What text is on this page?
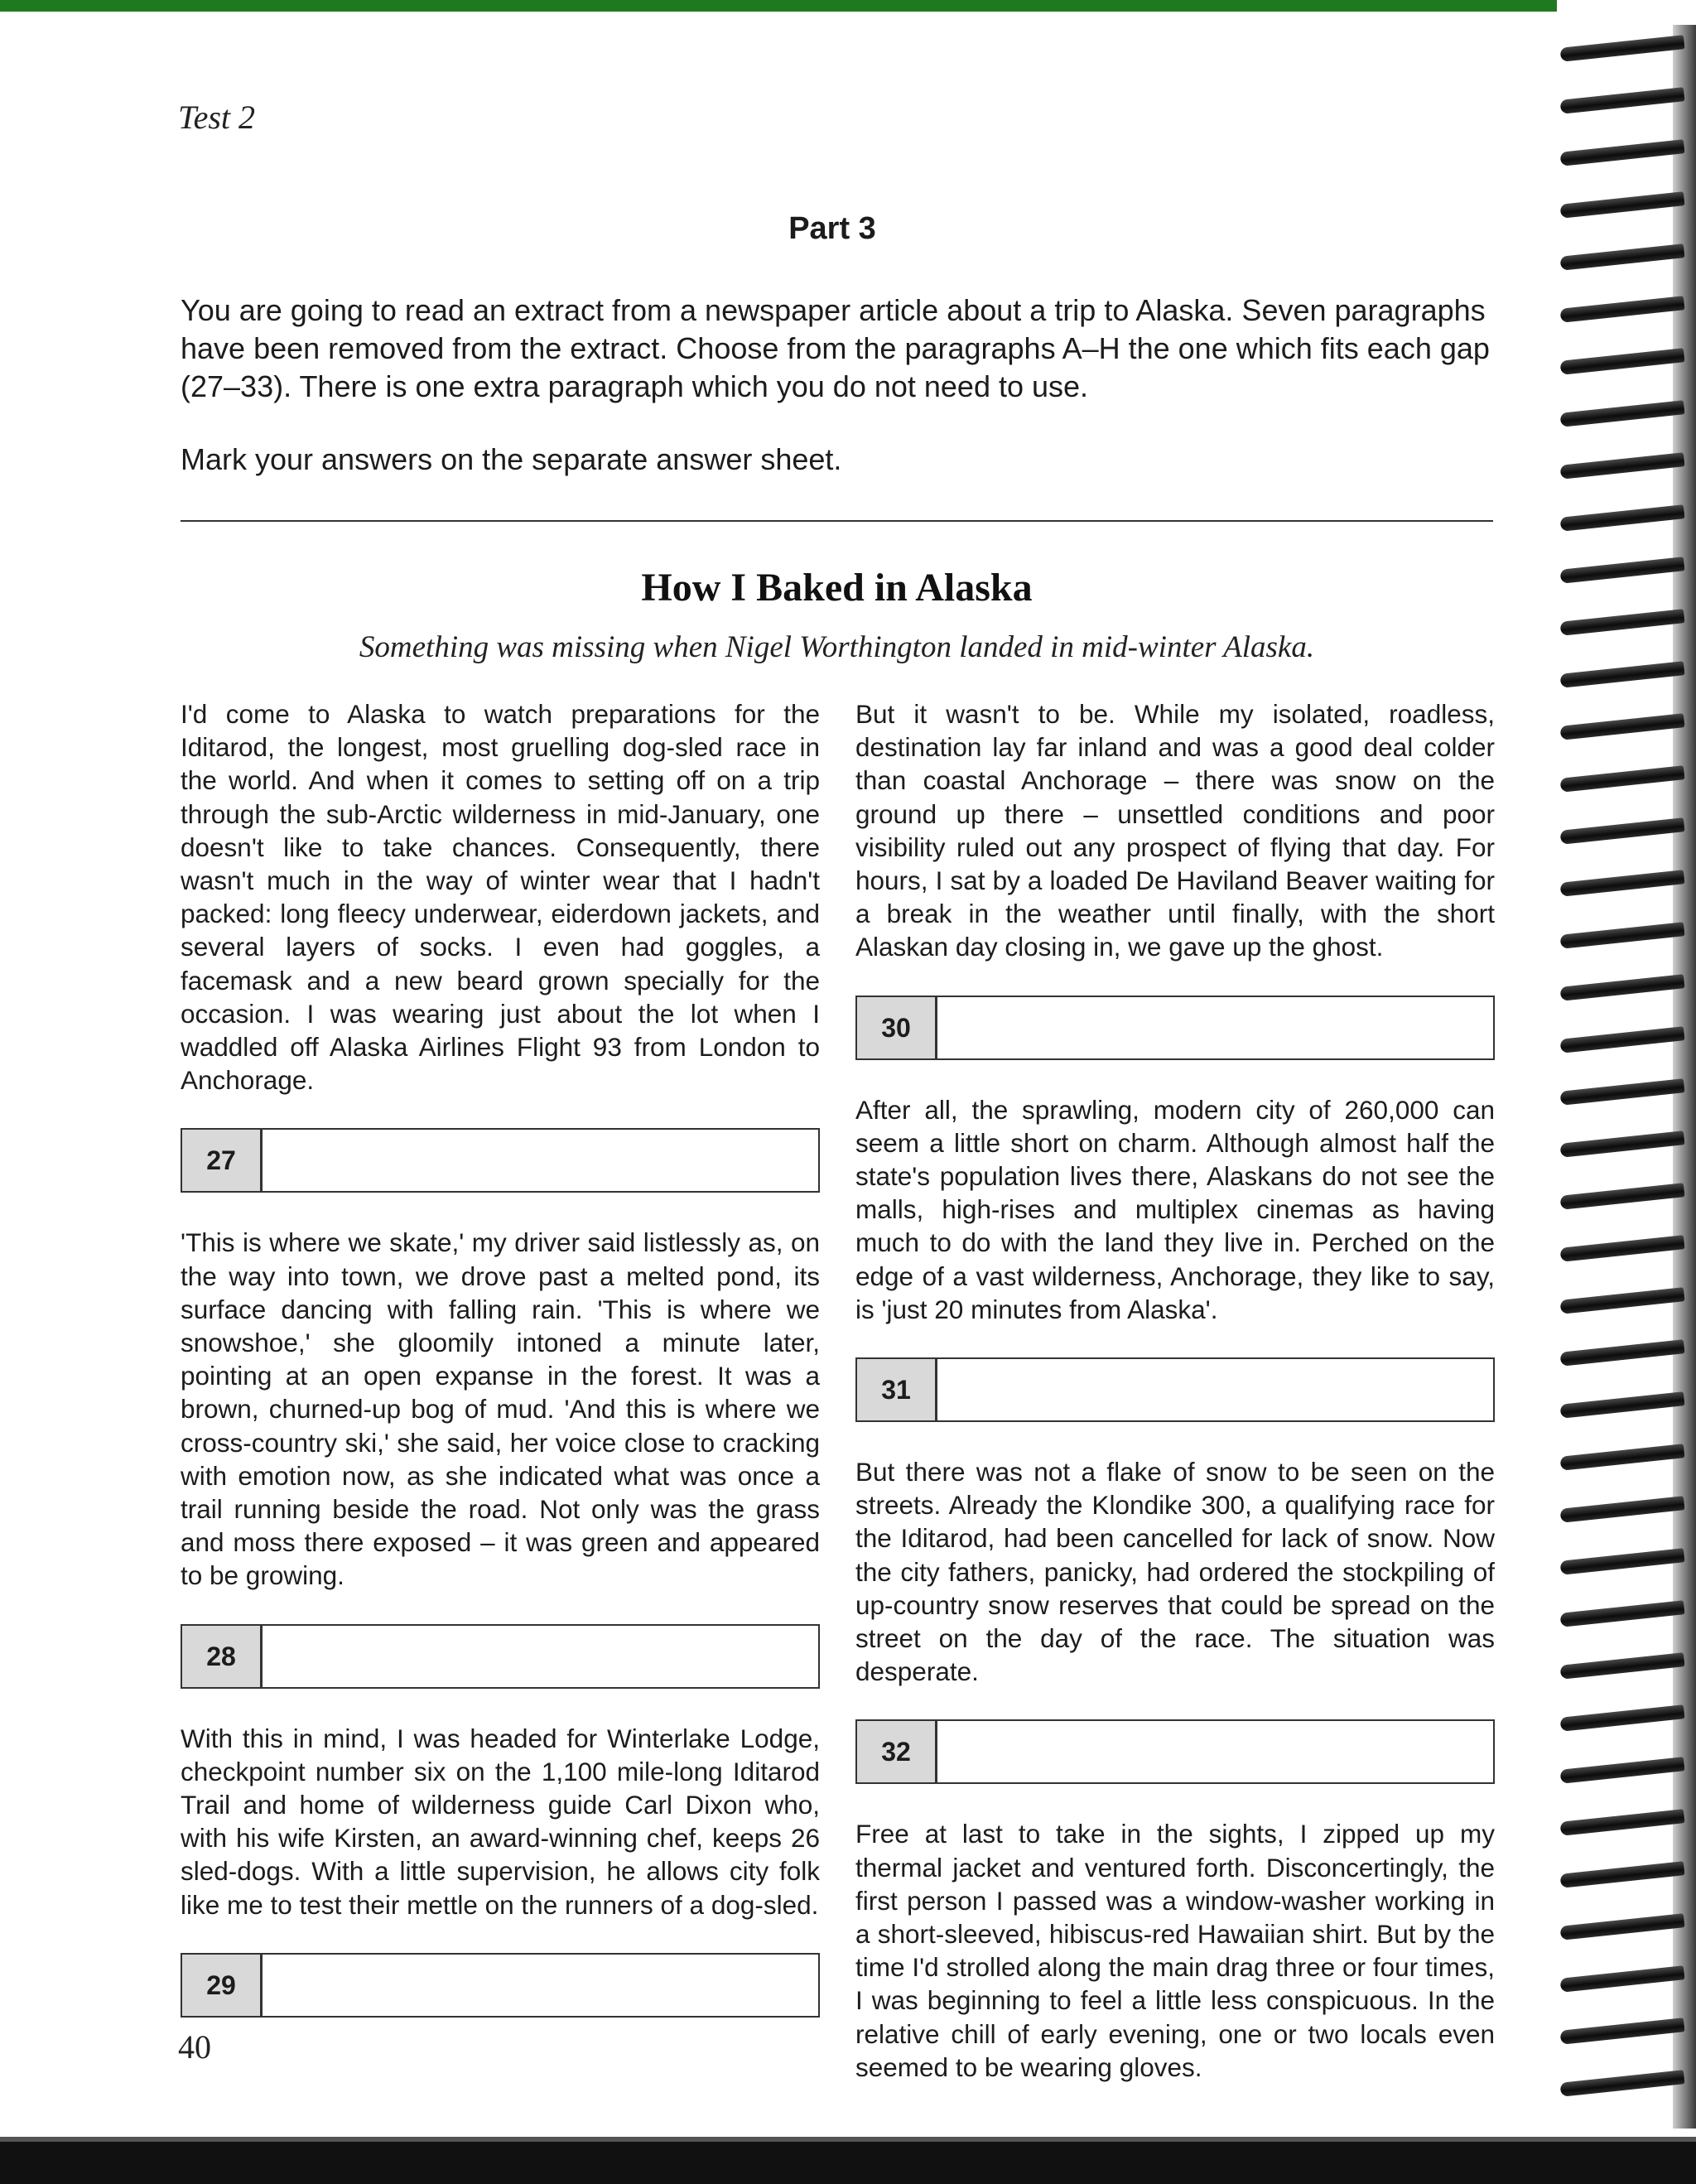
Test 2
Part 3

You are going to read an extract from a newspaper article about a trip to Alaska. Seven paragraphs have been removed from the extract. Choose from the paragraphs A–H the one which fits each gap (27–33). There is one extra paragraph which you do not need to use.

Mark your answers on the separate answer sheet.

How I Baked in Alaska
Something was missing when Nigel Worthington landed in mid-winter Alaska.

I'd come to Alaska to watch preparations for the Iditarod, the longest, most gruelling dog-sled race in the world. And when it comes to setting off on a trip through the sub-Arctic wilderness in mid-January, one doesn't like to take chances. Consequently, there wasn't much in the way of winter wear that I hadn't packed: long fleecy underwear, eiderdown jackets, and several layers of socks. I even had goggles, a facemask and a new beard grown specially for the occasion. I was wearing just about the lot when I waddled off Alaska Airlines Flight 93 from London to Anchorage.

27

'This is where we skate,' my driver said listlessly as, on the way into town, we drove past a melted pond, its surface dancing with falling rain. 'This is where we snowshoe,' she gloomily intoned a minute later, pointing at an open expanse in the forest. It was a brown, churned-up bog of mud. 'And this is where we cross-country ski,' she said, her voice close to cracking with emotion now, as she indicated what was once a trail running beside the road. Not only was the grass and moss there exposed – it was green and appeared to be growing.

28

With this in mind, I was headed for Winterlake Lodge, checkpoint number six on the 1,100 mile-long Iditarod Trail and home of wilderness guide Carl Dixon who, with his wife Kirsten, an award-winning chef, keeps 26 sled-dogs. With a little supervision, he allows city folk like me to test their mettle on the runners of a dog-sled.

29

But it wasn't to be. While my isolated, roadless, destination lay far inland and was a good deal colder than coastal Anchorage – there was snow on the ground up there – unsettled conditions and poor visibility ruled out any prospect of flying that day. For hours, I sat by a loaded De Haviland Beaver waiting for a break in the weather until finally, with the short Alaskan day closing in, we gave up the ghost.

30

After all, the sprawling, modern city of 260,000 can seem a little short on charm. Although almost half the state's population lives there, Alaskans do not see the malls, high-rises and multiplex cinemas as having much to do with the land they live in. Perched on the edge of a vast wilderness, Anchorage, they like to say, is 'just 20 minutes from Alaska'.

31

But there was not a flake of snow to be seen on the streets. Already the Klondike 300, a qualifying race for the Iditarod, had been cancelled for lack of snow. Now the city fathers, panicky, had ordered the stockpiling of up-country snow reserves that could be spread on the street on the day of the race. The situation was desperate.

32

Free at last to take in the sights, I zipped up my thermal jacket and ventured forth. Disconcertingly, the first person I passed was a window-washer working in a short-sleeved, hibiscus-red Hawaiian shirt. But by the time I'd strolled along the main drag three or four times, I was beginning to feel a little less conspicuous. In the relative chill of early evening, one or two locals even seemed to be wearing gloves.

40
